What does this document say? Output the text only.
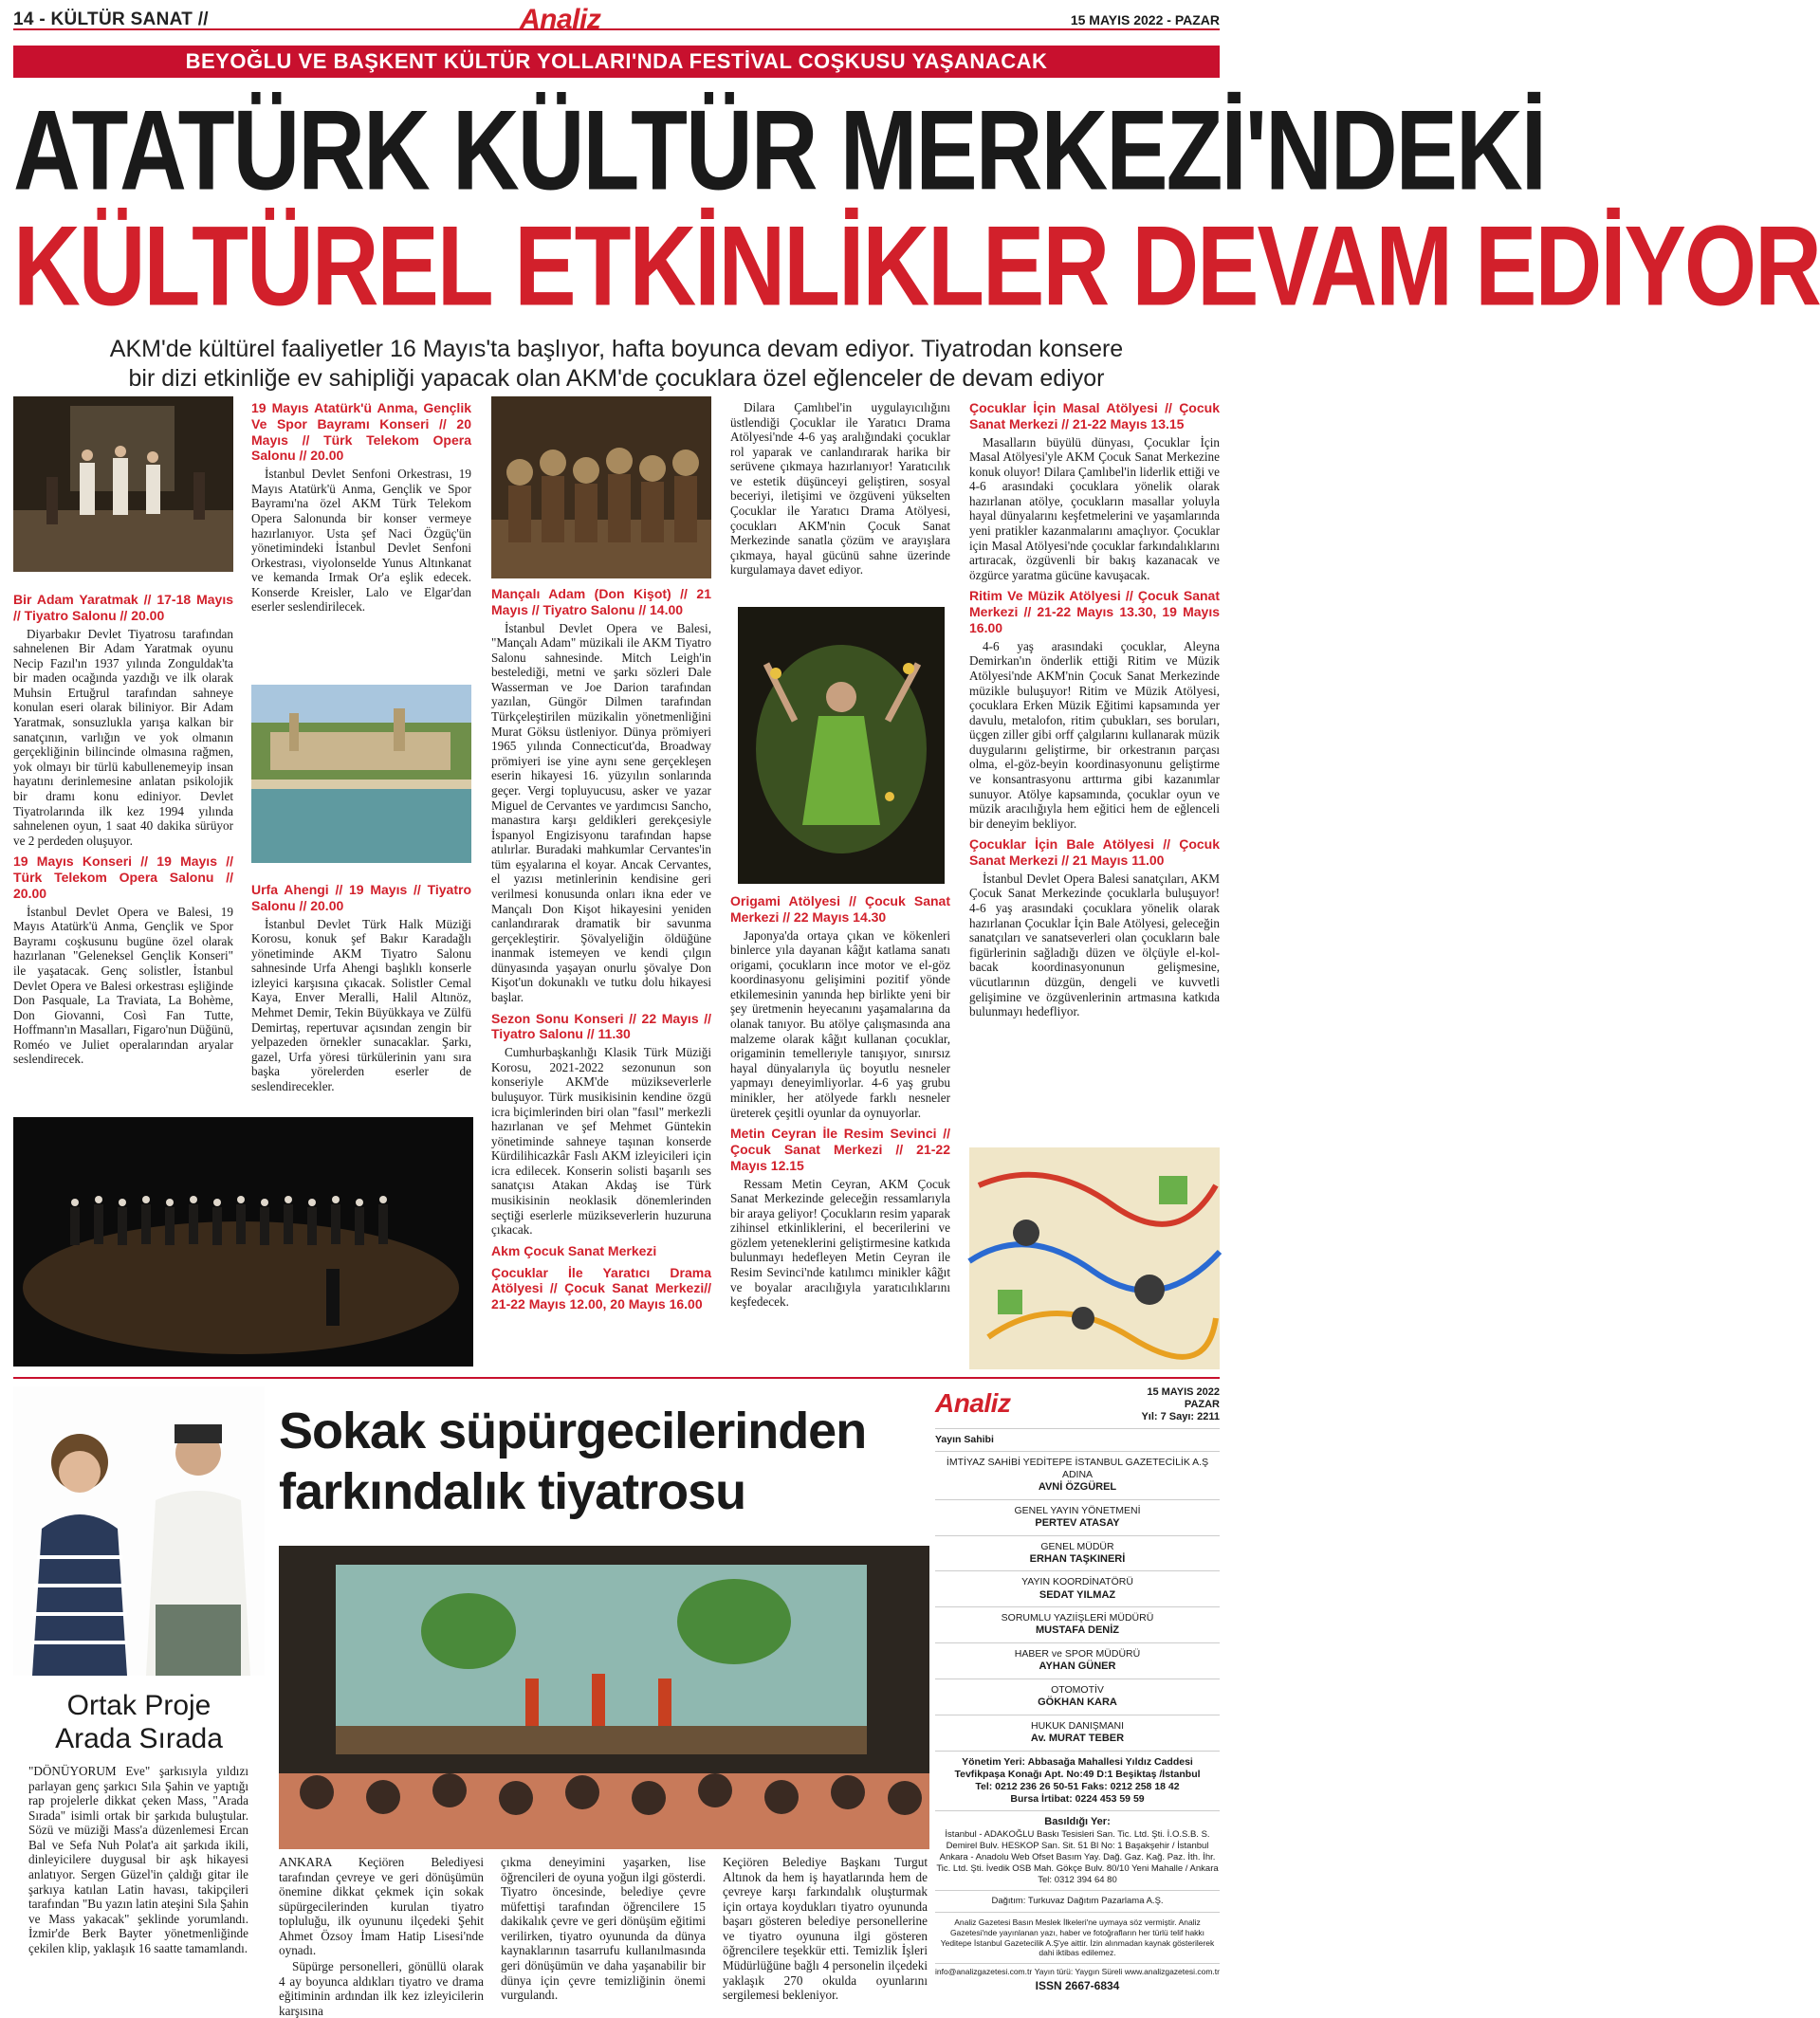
14 - KÜLTÜR SANAT //	Analiz	15 MAYIS 2022 - PAZAR
BEYOĞLU VE BAŞKENT KÜLTÜR YOLLARI'NDA FESTİVAL COŞKUSU YAŞANACAK
ATATÜRK KÜLTÜR MERKEZİ'NDEKİ
KÜLTÜREL ETKİNLİKLER DEVAM EDİYOR
AKM'de kültürel faaliyetler 16 Mayıs'ta başlıyor, hafta boyunca devam ediyor. Tiyatrodan konsere
bir dizi etkinliğe ev sahipliği yapacak olan AKM'de çocuklara özel eğlenceler de devam ediyor
Bir Adam Yaratmak // 17-18 Mayıs // Tiyatro Salonu // 20.00

Diyarbakır Devlet Tiyatrosu tarafından sahnelenen Bir Adam Yaratmak oyunu Necip Fazıl'ın 1937 yılında Zonguldak'ta bir maden ocağında yazdığı ve ilk olarak Muhsin Ertuğrul tarafından sahneye konulan eseri olarak biliniyor. Bir Adam Yaratmak, sonsuzlukla yarışa kalkan bir sanatçının, varlığın ve yok olmanın gerçekliğinin bilincinde olmasına rağmen, yok olmayı bir türlü kabullenemeyip insan hayatını derinlemesine anlatan psikolojik bir dramı konu ediniyor. Devlet Tiyatrolarında ilk kez 1994 yılında sahnelenen oyun, 1 saat 40 dakika sürüyor ve 2 perdeden oluşuyor.

19 Mayıs Konseri // 19 Mayıs // Türk Telekom Opera Salonu // 20.00

İstanbul Devlet Opera ve Balesi, 19 Mayıs Atatürk'ü Anma, Gençlik ve Spor Bayramı coşkusunu bugüne özel olarak hazırlanan "Geleneksel Gençlik Konseri" ile yaşatacak. Genç solistler, İstanbul Devlet Opera ve Balesi orkestrası eşliğinde Don Pasquale, La Traviata, La Bohème, Don Giovanni, Così Fan Tutte, Hoffmann'ın Masalları, Figaro'nun Düğünü, Roméo ve Juliet operalarından aryalar seslendirecek.

19 Mayıs Atatürk'ü Anma, Gençlik Ve Spor Bayramı Konseri // 20 Mayıs // Türk Telekom Opera Salonu // 20.00

İstanbul Devlet Senfoni Orkestrası, 19 Mayıs Atatürk'ü Anma, Gençlik ve Spor Bayramı'na özel AKM Türk Telekom Opera Salonunda bir konser vermeye hazırlanıyor. Usta şef Naci Özgüç'ün yönetimindeki İstanbul Devlet Senfoni Orkestrası, viyolonselde Yunus Altınkanat ve kemanda Irmak Or'a eşlik edecek. Konserde Kreisler, Lalo ve Elgar'dan eserler seslendirilecek.

Urfa Ahengi // 19 Mayıs // Tiyatro Salonu // 20.00

İstanbul Devlet Türk Halk Müziği Korosu, konuk şef Bakır Karadağlı yönetiminde AKM Tiyatro Salonu sahnesinde Urfa Ahengi başlıklı konserle izleyici karşısına çıkacak. Solistler Cemal Kaya, Enver Meralli, Halil Altınöz, Mehmet Demir, Tekin Büyükkaya ve Zülfü Demirtaş, repertuvar açısından zengin bir yelpazeden örnekler sunacaklar. Şarkı, gazel, Urfa yöresi türkülerinin yanı sıra başka yörelerden eserler de seslendirecekler.

Mançalı Adam (Don Kişot) // 21 Mayıs // Tiyatro Salonu // 14.00

İstanbul Devlet Opera ve Balesi, "Mançalı Adam" müzikali ile AKM Tiyatro Salonu sahnesinde. Mitch Leigh'in bestelediği, metni ve şarkı sözleri Dale Wasserman ve Joe Darion tarafından yazılan, Güngör Dilmen tarafından Türkçeleştirilen müzikalin yönetmenliğini Murat Göksu üstleniyor. Dünya prömiyeri 1965 yılında Connecticut'da, Broadway prömiyeri ise yine aynı sene gerçekleşen eserin hikayesi 16. yüzyılın sonlarında geçer. Vergi topluyucusu, asker ve yazar Miguel de Cervantes ve yardımcısı Sancho, manastıra karşı geldikleri gerekçesiyle İspanyol Engizisyonu tarafından hapse atılırlar. Buradaki mahkumlar Cervantes'in tüm eşyalarına el koyar. Ancak Cervantes, el yazısı metinlerinin kendisine geri verilmesi konusunda onları ikna eder ve Mançalı Don Kişot hikayesini yeniden canlandırarak dramatik bir savunma gerçekleştirir. Şövalyeliğin öldüğüne inanmak istemeyen ve kendi çılgın dünyasında yaşayan onurlu şövalye Don Kişot'un dokunaklı ve tutku dolu hikayesi başlar.

Sezon Sonu Konseri // 22 Mayıs // Tiyatro Salonu // 11.30

Cumhurbaşkanlığı Klasik Türk Müziği Korosu, 2021-2022 sezonunun son konseriyle AKM'de müzikseverlerle buluşuyor. Türk musikisinin kendine özgü icra biçimlerinden biri olan "fasıl" merkezli hazırlanan ve şef Mehmet Güntekin yönetiminde sahneye taşınan konserde Kürdilihicazkâr Faslı AKM izleyicileri için icra edilecek. Konserin solisti başarılı ses sanatçısı Atakan Akdaş ise Türk musikisinin neoklasik dönemlerinden seçtiği eserlerle müzikseverlerin huzuruna çıkacak.

Akm Çocuk Sanat Merkezi
Çocuklar İle Yaratıcı Drama Atölyesi // Çocuk Sanat Merkezi// 21-22 Mayıs 12.00, 20 Mayıs 16.00

Dilara Çamlıbel'in uygulayıcılığını üstlendiği Çocuklar ile Yaratıcı Drama Atölyesi'nde 4-6 yaş aralığındaki çocuklar rol yaparak ve canlandırarak harika bir serüvene çıkmaya hazırlanıyor! Yaratıcılık ve estetik düşünceyi geliştiren, sosyal beceriyi, iletişimi ve özgüveni yükselten Çocuklar ile Yaratıcı Drama Atölyesi, çocukları AKM'nin Çocuk Sanat Merkezinde sanatla çözüm ve arayışlara çıkmaya, hayal gücünü sahne üzerinde kurgulamaya davet ediyor.

Origami Atölyesi // Çocuk Sanat Merkezi // 22 Mayıs 14.30

Japonya'da ortaya çıkan ve kökenleri binlerce yıla dayanan kâğıt katlama sanatı origami, çocukların ince motor ve el-göz koordinasyonu gelişimini pozitif yönde etkilemesinin yanında hep birlikte yeni bir şey üretmenin heyecanını yaşamalarına da olanak tanıyor. Bu atölye çalışmasında ana malzeme olarak kâğıt kullanan çocuklar, origaminin temellerıyle tanışıyor, sınırsız hayal dünyalarıyla üç boyutlu nesneler yapmayı deneyimliyorlar. 4-6 yaş grubu minikler, her atölyede farklı nesneler üreterek çeşitli oyunlar da oynuyorlar.

Metin Ceyran İle Resim Sevinci // Çocuk Sanat Merkezi // 21-22 Mayıs 12.15

Ressam Metin Ceyran, AKM Çocuk Sanat Merkezinde geleceğin ressamlarıyla bir araya geliyor! Çocukların resim yaparak zihinsel etkinliklerini, el becerilerini ve gözlem yeteneklerini geliştirmesine katkıda bulunmayı hedefleyen Metin Ceyran ile Resim Sevinci'nde katılımcı minikler kâğıt ve boyalar aracılığıyla yaratıcılıklarını keşfedecek.

Çocuklar İçin Masal Atölyesi // Çocuk Sanat Merkezi // 21-22 Mayıs 13.15

Masalların büyülü dünyası, Çocuklar İçin Masal Atölyesi'yle AKM Çocuk Sanat Merkezine konuk oluyor! Dilara Çamlıbel'in liderlik ettiği ve 4-6 arasındaki çocuklara yönelik olarak hazırlanan atölye, çocukların masallar yoluyla hayal dünyalarını keşfetmelerini ve yaşamlarında yeni pratikler kazanmalarını amaçlıyor. Çocuklar için Masal Atölyesi'nde çocuklar farkındalıklarını artıracak, özgüvenli bir bakış kazanacak ve özgürce yaratma gücüne kavuşacak.

Ritim Ve Müzik Atölyesi // Çocuk Sanat Merkezi // 21-22 Mayıs 13.30, 19 Mayıs 16.00

4-6 yaş arasındaki çocuklar, Aleyna Demirkan'ın önderlik ettiği Ritim ve Müzik Atölyesi'nde AKM'nin Çocuk Sanat Merkezinde müzikle buluşuyor! Ritim ve Müzik Atölyesi, çocuklara Erken Müzik Eğitimi kapsamında yer davulu, metalofon, ritim çubukları, ses boruları, üçgen ziller gibi orff çalgılarını kullanarak müzik duygularını geliştirme, bir orkestranın parçası olma, el-göz-beyin koordinasyonunu geliştirme ve konsantrasyonu arttırma gibi kazanımlar sunuyor. Atölye kapsamında, çocuklar oyun ve müzik aracılığıyla hem eğitici hem de eğlenceli bir deneyim bekliyor.

Çocuklar İçin Bale Atölyesi // Çocuk Sanat Merkezi // 21 Mayıs 11.00

İstanbul Devlet Opera Balesi sanatçıları, AKM Çocuk Sanat Merkezinde çocuklarla buluşuyor! 4-6 yaş arasındaki çocuklara yönelik olarak hazırlanan Çocuklar İçin Bale Atölyesi, geleceğin sanatçıları ve sanatseverleri olan çocukların bale figürlerinin sağladığı düzen ve ölçüyle el-kol-bacak koordinasyonunun gelişmesine, vücutlarının düzgün, dengeli ve kuvvetli gelişimine ve özgüvenlerinin artmasına katkıda bulunmayı hedefliyor.

Ortak Proje
Arada Sırada

"DÖNÜYORUM Eve" şarkısıyla yıldızı parlayan genç şarkıcı Sıla Şahin ve yaptığı rap projelerle dikkat çeken Mass, "Arada Sırada" isimli ortak bir şarkıda buluştular. Sözü ve müziği Mass'a düzenlemesi Ercan Bal ve Sefa Nuh Polat'a ait şarkıda ikili, dinleyicilere duygusal bir aşk hikayesi anlatıyor. Sergen Güzel'in çaldığı gitar ile şarkıya katılan Latin havası, takipçileri tarafından "Bu yazın latin ateşini Sıla Şahin ve Mass yakacak" şeklinde yorumlandı. İzmir'de Berk Bayter yönetmenliğinde çekilen klip, yaklaşık 16 saatte tamamlandı.

Sokak süpürgecilerinden
farkındalık tiyatrosu

ANKARA Keçiören Belediyesi tarafından çevreye ve geri dönüşümün önemine dikkat çekmek için sokak süpürgecilerinden kurulan tiyatro topluluğu, ilk oyununu ilçedeki Şehit Ahmet Özsoy İmam Hatip Lisesi'nde oynadı.

Süpürge personelleri, gönüllü olarak 4 ay boyunca aldıkları tiyatro ve drama eğitiminin ardından ilk kez izleyicilerin karşısına

çıkma deneyimini yaşarken, lise öğrencileri de oyuna yoğun ilgi gösterdi. Tiyatro öncesinde, belediye çevre müfettişi tarafından öğrencilere 15 dakikalık çevre ve geri dönüşüm eğitimi verilirken, tiyatro oyununda da dünya kaynaklarının tasarrufu kullanılmasında geri dönüşümün ve daha yaşanabilir bir dünya için çevre temizliğinin önemi vurgulandı.

Keçiören Belediye Başkanı Turgut Altınok da hem iş hayatlarında hem de çevreye karşı farkındalık oluşturmak için ortaya koydukları tiyatro oyununda başarı gösteren belediye personellerine ve tiyatro oyununa ilgi gösteren öğrencilere teşekkür etti. Temizlik İşleri Müdürlüğüne bağlı 4 personelin ilçedeki yaklaşık 270 okulda oyunlarını sergilemesi bekleniyor.

Analiz	15 MAYIS 2022
PAZAR
Yıl: 7 Sayı: 2211
Yayın Sahibi
İMTİYAZ SAHİBİ YEDİTEPE İSTANBUL GAZETECİLİK A.Ş ADINA
AVNİ ÖZGÜREL
GENEL YAYIN YÖNETMENİ
PERTEV ATASAY
GENEL MÜDÜR
ERHAN TAŞKINERİ
YAYIN KOORDİNATÖRÜ
SEDAT YILMAZ
SORUMLU YAZIİŞLERİ MÜDÜRÜ
MUSTAFA DENİZ
HABER ve SPOR MÜDÜRÜ
AYHAN GÜNER
OTOMOTİV
GÖKHAN KARA
HUKUK DANIŞMANI
Av. MURAT TEBER
Yönetim Yeri: Abbasağa Mahallesi Yıldız Caddesi Tevfikpaşa Konağı Apt. No:49 D:1 Beşiktaş /İstanbul
Tel: 0212 236 26 50-51 Faks: 0212 258 18 42
Bursa İrtibat: 0224 453 59 59
Basıldığı Yer:
İstanbul - ADAKOĞLU Baskı Tesisleri San. Tic. Ltd. Şti. İ.O.S.B. S. Demirel Bulv. HESKOP San. Sit. 51 Bl No: 1 Başakşehir / İstanbul
Ankara - Anadolu Web Ofset Basım Yay. Dağ. Gaz. Kağ. Paz. İth. İhr. Tic. Ltd. Şti. İvedik OSB Mah. Gökçe Bulv. 80/10 Yeni Mahalle / Ankara Tel: 0312 394 64 80
Dağıtım: Turkuvaz Dağıtım Pazarlama A.Ş.
Analiz Gazetesi Basın Meslek İlkeleri'ne uymaya söz vermiştir. Analiz Gazetesi'nde yayınlanan yazı, haber ve fotoğrafların her türlü telif hakkı Yeditepe İstanbul Gazetecilik A.Ş'ye aittir. İzin alınmadan kaynak gösterilerek dahi iktibas edilemez.
info@analizgazetesi.com.tr Yayın türü: Yaygın Süreli www.analizgazetesi.com.tr
ISSN 2667-6834
